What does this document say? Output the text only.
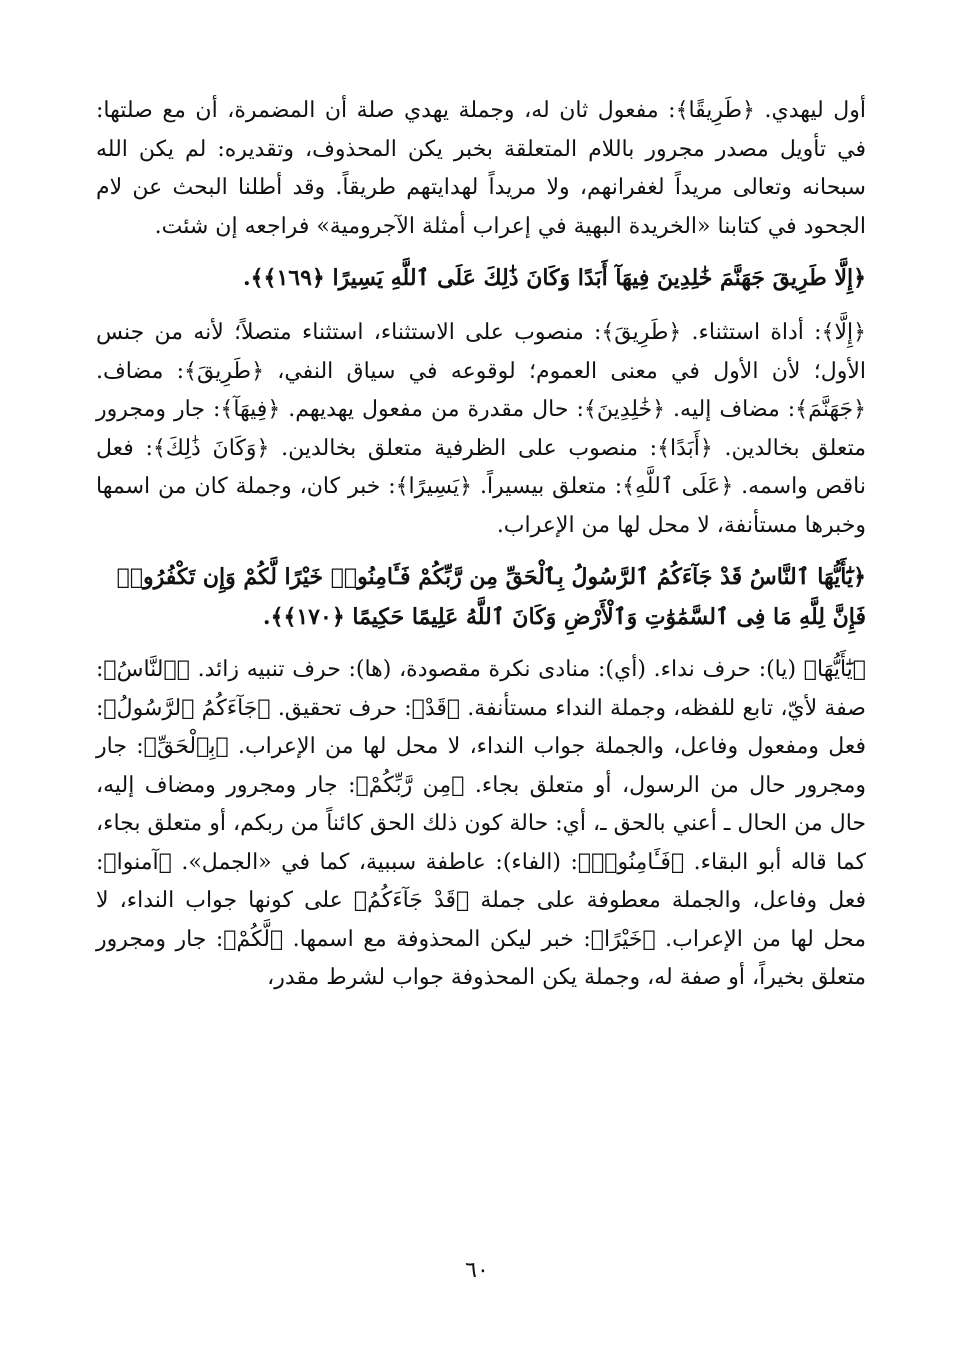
أول ليهدي. ﴿طَرِيقًا﴾: مفعول ثان له، وجملة يهدي صلة أن المضمرة، أن مع صلتها: في تأويل مصدر مجرور باللام المتعلقة بخبر يكن المحذوف، وتقديره: لم يكن الله سبحانه وتعالى مريداً لغفرانهم، ولا مريداً لهدايتهم طريقاً. وقد أطلنا البحث عن لام الجحود في كتابنا «الخريدة البهية في إعراب أمثلة الآجرومية» فراجعه إن شئت.

﴿إِلَّا طَرِيقَ جَهَنَّمَ خَٰلِدِينَ فِيهَآ أَبَدًا وَكَانَ ذَٰلِكَ عَلَى ٱللَّهِ يَسِيرًا ﴿١٦٩﴾﴾.

﴿إِلَّا﴾: أداة استثناء. ﴿طَرِيقَ﴾: منصوب على الاستثناء، استثناء متصلاً؛ لأنه من جنس الأول؛ لأن الأول في معنى العموم؛ لوقوعه في سياق النفي، ﴿طَرِيقَ﴾: مضاف. ﴿جَهَنَّمَ﴾: مضاف إليه. ﴿خَٰلِدِينَ﴾: حال مقدرة من مفعول يهديهم. ﴿فِيهَآ﴾: جار ومجرور متعلق بخالدين. ﴿أَبَدًا﴾: منصوب على الظرفية متعلق بخالدين. ﴿وَكَانَ ذَٰلِكَ﴾: فعل ناقص واسمه. ﴿عَلَى ٱللَّهِ﴾: متعلق بيسيراً. ﴿يَسِيرًا﴾: خبر كان، وجملة كان من اسمها وخبرها مستأنفة، لا محل لها من الإعراب.

﴿يَٰٓأَيُّهَا ٱلنَّاسُ قَدْ جَآءَكُمُ ٱلرَّسُولُ بِٱلْحَقِّ مِن رَّبِّكُمْ فَـَٔامِنُوا۟ خَيْرًا لَّكُمْ وَإِن تَكْفُرُوا۟ فَإِنَّ لِلَّهِ مَا فِى ٱلسَّمَٰوَٰتِ وَٱلْأَرْضِ وَكَانَ ٱللَّهُ عَلِيمًا حَكِيمًا ﴿١٧٠﴾﴾.

﴿يَٰٓأَيُّهَا﴾ (يا): حرف نداء. (أي): منادى نكرة مقصودة، (ها): حرف تنبيه زائد. ﴿ٱلنَّاسُ﴾: صفة لأيّ، تابع للفظه، وجملة النداء مستأنفة. ﴿قَدْ﴾: حرف تحقيق. ﴿جَآءَكُمُ ٱلرَّسُولُ﴾: فعل ومفعول وفاعل، والجملة جواب النداء، لا محل لها من الإعراب. ﴿بِٱلْحَقِّ﴾: جار ومجرور حال من الرسول، أو متعلق بجاء. ﴿مِن رَّبِّكُمْ﴾: جار ومجرور ومضاف إليه، حال من الحال ـ أعني بالحق ـ، أي: حالة كون ذلك الحق كائناً من ربكم، أو متعلق بجاء، كما قاله أبو البقاء. ﴿فَـَٔامِنُوا۟﴾: (الفاء): عاطفة سببية، كما في «الجمل». ﴿آمنوا﴾: فعل وفاعل، والجملة معطوفة على جملة ﴿قَدْ جَآءَكُمُ﴾ على كونها جواب النداء، لا محل لها من الإعراب. ﴿خَيْرًا﴾: خبر ليكن المحذوفة مع اسمها. ﴿لَّكُمْ﴾: جار ومجرور متعلق بخيراً، أو صفة له، وجملة يكن المحذوفة جواب لشرط مقدر،

٦٠
